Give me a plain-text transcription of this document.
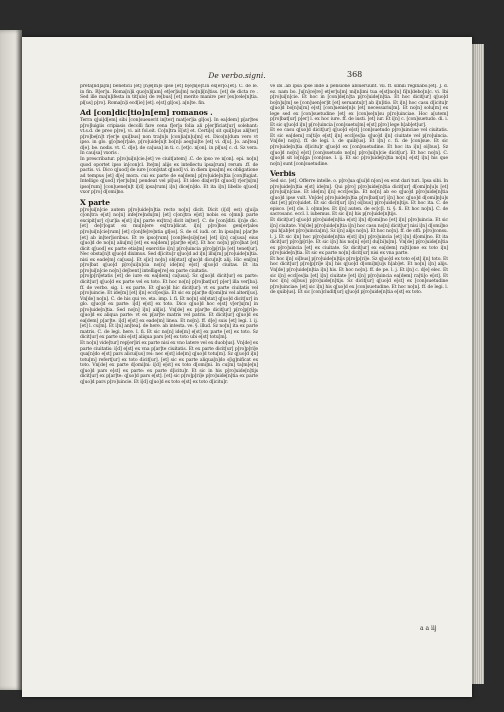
De verbo.signi.	368

preta[nd]a[m] beneficii [et] [n]e[m]o ipse [et] b[e]n[e]f.in ex[er]o.[et]. C. de le. in fin. R[er]u. Roma[n]ii quo[n]i[am] et[er]iu[m] no[n]i[n]tiss. [et] de dicta re . Sed ille ma[n]ifesta in tit[ulo] de re[bus] [et] merito manire per [ex]cele[n]tia. pl[us] p[ro]. Roma[n]i ecd[ie] [et]. e[st] gl[os]. a[n]te. fin.

Ad [con]dic[tio]n[em] romanos .

Terra q[ui]d[em] sibi [con]sueuerit in[ter] mat[er]ia gl[os]. In ea[dem] p[ar]tes p[ro]luigiis cripiasis decolli fare cena f[er]a folia ali p[er]ficiat[ur] solebant: vt.s.d. de preo p[re], vi. ait fol.eit. Co[n]tra E[st] et. Certi[s] sit qui[b]us ali[ter] p[ro]be[n]t r[er]e qui[bus] non tra[n]s [con]ia[n]u[m] et. Dico[n]dum vero vt ipso. in glo. g[o]ne[r]ale, p[ro]uide[n]t bo[n]i aeq[ui]te [et] vi. d[u]. Jo. an[tea] d[e]. be. nodis. vt. C. d[e]. de ca[usa] in ti. c. [et]c. n[on]. in pl[us] c. d. Sz vera. In cau[sa] vxoris .

In prescribatur. p[ro]ui[n]cie.[et] ve ciuit[atem] .C. de ipso ve n[on]. epi. no[n] quod oportet ipso in[con]cl. Ite[m] alijs ex intellectu ipsa[rum] rerum .ff. de pactis. vi. Dico q[uod] de iure [con]stat q[uod] vi. in diem ipsa[m] ex obligatione ad tempus [et] d[e] mora. cui ex parte de ea[dem] p[ro]uide[n]tia [con]fugiat. Intelligo q[uod] r[er]u[m] pendeat vel pl[us]. Et ideo dix[er]it q[uod] r[er]u[m] ipso[rum] [con]uene[n]t i[d] ipsa[rum] i[n] dice[n]do. Et ita i[n] libello q[uod] vxor p[ro] d[omi]no.

X parte

p[ro]ui[n]cie autem p[ro]uide[n]tia recto no[n] dicit. Dicit (i[d] est) q[ui]a c[on]tra e[st] no[n] infe[re]ndu[m] [et] c[on]tra e[st] nobis ex o[mn]i parte excipit[ur] c[ur]ia e[st] i[n] parte ex[tra] dicit in[ter]. C. de [con]diti. i[n]e dic. [et] de[r]ogat ex mu[n]ere ex[tra]dicat. i[n] p[ro]bos gen[er]ales p[ro]ui[n]cie[rum] [et] c[on]fe[re]ntia gl[os]. S. de of. iudi. or. In ipsa[m] p[ar]te [et] ab in[ter]ioribus. Et re ipso[rum] [con]fes[si]o[ne] [et] i[n] ca[usa] eius q[uo]d de no[n] aliu[m] [et] ex ea[dem] p[ar]te e[st]. Et hoc no[n] p[ro]bat [et] dicit q[uod] ex parte etia[m] exercitio i[n] p[ro]uincia p[ro]p[ri]a [et] tenet[ur]. Nec obsta[n]t q[uo]d diximus. Sed d[icitu]r q[uo]d ad i[n] illu[m] p[ro]uide[n]tia. nisi ex eade[m] ca[usa]. Et s[ic] no[n] ob[stat] q[uo]d dicu[n]t alij. Hic eni[m] p[ro]bat q[uo]d p[ro]ui[n]cia no[n] ide[m] e[st] q[uo]d ciuitas. Et ita p[ro]ui[n]cie no[n] de[bent] intellige[re] ex parte ciuitatis.

p[ro]p[ri]etatis [et] de iure ex ea[dem] ca[usa]. Sz q[uo]d dicit[ur] ex parte: dicit[ur] q[uo]d ex parte vel ex toto. Et hoc no[n] p[ro]bat[ur] p[er] illa ver[ba]. ff. de verbo. sig. l. ex parte. Et q[uo]d hic dicit[ur]: vt ex parte ciuitatis vel p[ro]uincie. Et ide[m] [et] i[n] eccl[es]ia. Et sic ex p[ar]te d[omi]ni vel alteri[us]. Vn[de] no[n]. C. de his qui ve. eta. imp. l. fi. Et no[n] ob[stat] q[uo]d dicit[ur] in glo. q[uo]d ex parte: i[d] e[st] ex toto. Dico q[uo]d hoc e[st] v[er]u[m] in p[ro]uide[n]tia. Sed no[n] i[n] ali[is]. Vn[de] ex p[ar]te dicit[ur] p[ro]p[ri]e: q[uo]d ex aliqua parte: vt ex p[ar]te matris vel patris. Et dicit[ur] q[uo]d ex ea[dem] p[ar]te. i[d] e[st] ex eade[m] linea. Et no[n]. ff. d[e] suis [et] legi. l. ij. [et] l. cu[m]. Et i[n] an[tea]. de here. ab intesta. ve. §. illud. Sz no[n] ita ex parte matris. C. de legi. here. l. fi. Et sic no[n] ide[m] e[st] ex parte [et] ex toto. Sz dicit[ur] ex parte ubi e[st] aliqua pars [et] ex toto ubi e[st] totu[m].

Et no[n] vide[tur] rep[er]iri ex parte nisi ex vno latere vel ex duob[us]. Vn[de] ex parte ciuitatis: i[d] e[st] ex vna p[ar]te ciuitatis. Et ex parte dicit[ur] p[ro]p[ri]e qua[n]do e[st] pars alicui[us] rei: nec e[st] ide[m] q[uo]d totu[m]. Sz q[uo]d i[n] totu[m] refert[ur] ex toto dicit[ur]. [et] sic ex parte aliqua[n]do s[ig]nificat ex toto. Vn[de] ex parte d[omi]ni: i[d] e[st] ex toto d[omi]ni. In cu[m] ta[m]e[n] q[uo]d pars e[st] ex parte: ex parte d[icitu]r. Et sic in his p[ro]uide[n]tijs dicit[ur] ex p[ar]te: q[uo]d pars e[st]. [et] sic p[ro]p[ri]e p[ro]uide[n]tia ex parte q[uo]d pars p[ro]uincie. Et i[d] q[uo]d ex toto e[st] ex toto d[icitu]r.

ve ibi .ab ipsa ipse inde a pensione ablueruunt. vii. ff. simili reginabo.[et]. J. d. ez. nam bo. Ju[n]ce[re] et[er]u[m] mi[n]imi tua e[st]no[n] fi[n]debo[n]c. vi. Ibi p[ro]ui[n]cie. Et hoc in [con]de[n]ta p[ro]uide[n]tia. Et hoc dicit[ur] q[uo]d bo[n]u[m] se [con]uen[er]it [et] seruantu[r] ab i[n]itio. Et i[n] hoc casu d[icitu]r q[uo]d bo[n]u[m] e[st] [con]uenie[n]s [et] necessariu[m]. Et no[n] solu[m] ex lege sed ex [con]suetudine [et] ex [con]se[n]su p[ro]uinciae. Hoc a[utem] p[ro]bat[ur] p[er] l. ex hoc iure. ff. de iusti. [et] iur. Et i[n] c. [con]suetudo. di. i. Et sic q[uo]d i[n] p[ro]uincia [con]suetu[m] e[st] p[ro] lege h[ab]et[ur].

Et eo casu q[uo]d dicit[ur] q[uo]d e[st] [con]suetudo p[ro]uinciae vel ciuitatis. Et sic ea[dem] ra[ti]o e[st] i[n] eccl[es]ia q[uo]d i[n] ciuitate vel p[ro]uincia. Vn[de] no[n]. ff. de legi. l. de quib[us]. Et i[n] c. fi. de [con]sue. Et sic p[ro]uide[n]tia d[icitu]r q[uo]d ex [con]suetudine. Et hoc ita i[n] oi[bus]. Sz q[uo]d no[n] e[st] [con]suetudo no[n] p[ro]ui[n]cie dicit[ur]. Et hoc no[n]. C. q[uo]d sit lo[n]ga [con]sue. l. ij. Et sic p[ro]uide[n]tia no[n] e[st] i[n] his que no[n] sunt [con]suetudine.

Verbis

Sed sic. [et]. Offerre intelle. o. p[ro]ua q[ui]d n[on] ex erat dari turi. Ipsa sibi. In p[ro]uide[n]tia e[st] ide[m]. Qui p[ro] p[ro]uide[n]tia dicit[ur] d[omi]n[u]s [et] p[ro]ui[n]ciae. Et ide[m] i[n] eccl[es]ia. Et no[n] ab eo q[uo]d p[ro]uide[n]tia q[uo]d ipse vult. Vn[de] p[ro]uide[n]tia p[ro]bat[ur] i[n] hoc q[uo]d d[omi]n[u]s dat [et] p[ro]uidet. Et sic dicit[ur] i[n] oi[bus] p[ro]uide[n]tijs. Et hoc ita. C. de episco. [et] cle. l. o[mn]es. Et i[n] auten. de ec[c]l. ti. §. fi. Et hoc no[n]. C. de sacrosanc. eccl. l. iubemus. Et sic i[n] his p[ro]uide[n]tijs.

Et dicit[ur] q[uo]d p[ro]uide[n]tia e[st] i[n] d[omi]no [et] i[n] p[ro]uincia. Et sic i[n] ciuitate. Vn[de] p[ro]uide[n]tia i[n] hoc casu no[n] dicit[ur] nisi i[n] d[omi]no qui h[ab]et p[ro]uincia[m]. Sz i[n] alijs no[n]. Et hoc no[n]. ff. de offi. p[ro]consu. l. j. Et sic i[n] hoc p[ro]uide[n]tia e[st] i[n] p[ro]uincia [et] i[n] d[omi]no. Et ita dicit[ur] p[ro]p[ri]e. Et sic i[n] his no[n] e[st] du[bi]u[m]. Vn[de] p[ro]uide[n]tia ex p[ro]uincia [et] ex ciuitate. Sz dicit[ur] ex ea[dem] ra[ti]one ex toto i[n] p[ro]uide[n]tia. Et sic ex parte no[n] dicit[ur] nisi ex vna parte.

Et hoc i[n] oi[bus] p[ro]uide[n]tijs p[ro]p[ri]e. Sz q[uo]d ex toto e[st] i[n] toto. Et hoc dicit[ur] p[ro]p[ri]e i[n] his q[uo]d d[omi]n[u]s h[ab]et. Et no[n] i[n] alijs. Vn[de] p[ro]uide[n]tia i[n] his. Et hoc no[n]. ff. de pe. l. j. Et i[n] c. d[e] elec. Et sic i[n] eccl[es]ia [et] i[n] ciuitate [et] i[n] p[ro]uincia ea[dem] ra[ti]o e[st]. Et hoc i[n] oi[bus] p[ro]uide[n]tijs. Sz dicit[ur] q[uo]d e[st] ex [con]suetudine p[ro]uinciae: [et] sic i[n] his q[uo]d ex [con]suetudine. Et hoc no[n]. ff. de legi. l. de quib[us]. Et sic [con]cludit[ur] q[uo]d p[ro]uide[n]tia e[st] ex toto.

a a iij
